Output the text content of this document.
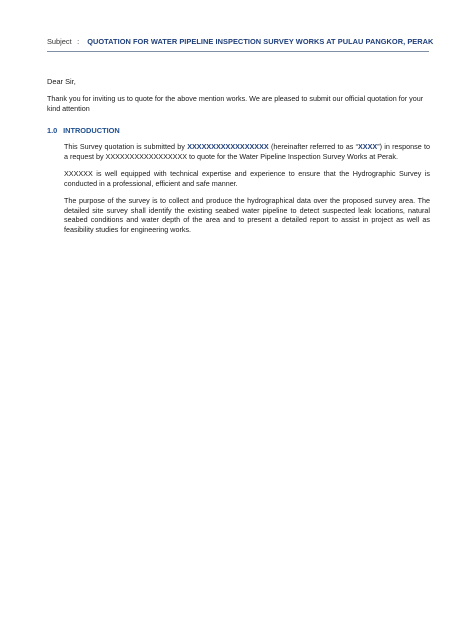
Subject : QUOTATION FOR WATER PIPELINE INSPECTION SURVEY WORKS AT PULAU PANGKOR, PERAK
Dear Sir,
Thank you for inviting us to quote for the above mention works. We are pleased to submit our official quotation for your kind attention
1.0 INTRODUCTION
This Survey quotation is submitted by XXXXXXXXXXXXXXXXX (hereinafter referred to as “XXXX”) in response to a request by XXXXXXXXXXXXXXXXX to quote for the Water Pipeline Inspection Survey Works at Perak.
XXXXXX is well equipped with technical expertise and experience to ensure that the Hydrographic Survey is conducted in a professional, efficient and safe manner.
The purpose of the survey is to collect and produce the hydrographical data over the proposed survey area. The detailed site survey shall identify the existing seabed water pipeline to detect suspected leak locations, natural seabed conditions and water depth of the area and to present a detailed report to assist in project as well as feasibility studies for engineering works.
